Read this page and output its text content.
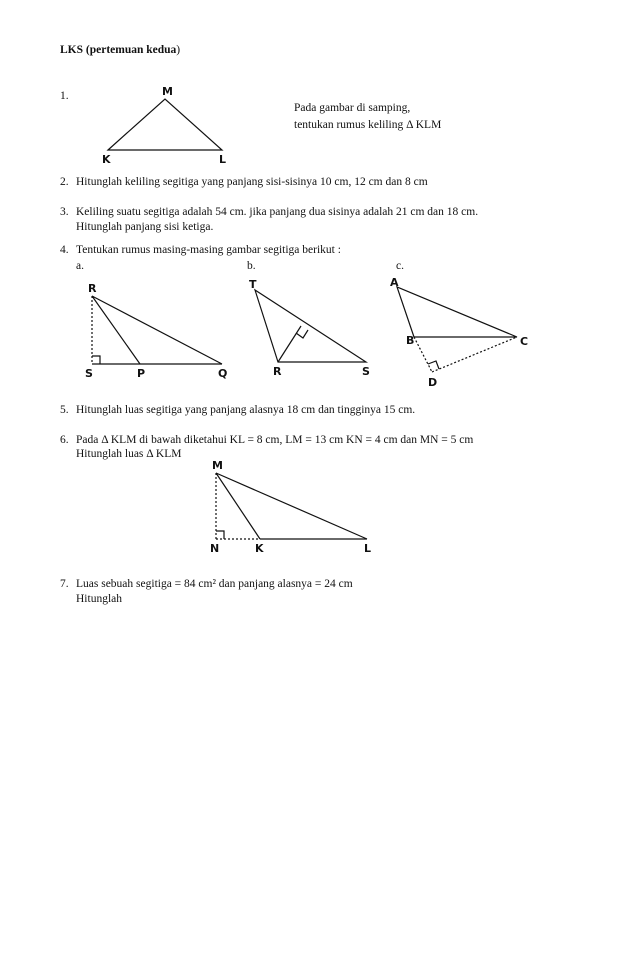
LKS (pertemuan kedua)
1.
Pada gambar di samping,
tentukan rumus keliling Δ KLM
2. Hitunglah keliling segitiga yang panjang sisi-sisinya 10 cm, 12 cm dan 8 cm
3. Keliling suatu segitiga adalah 54 cm. jika panjang dua sisinya adalah 21 cm dan 18 cm.
Hitunglah panjang sisi ketiga.
4. Tentukan rumus masing-masing gambar segitiga berikut :
a.	b.	c.
5. Hitunglah luas segitiga yang panjang alasnya 18 cm dan tingginya 15 cm.
6. Pada Δ KLM di bawah diketahui KL = 8 cm, LM = 13 cm KN = 4 cm dan MN = 5 cm
Hitunglah luas Δ KLM
7. Luas sebuah segitiga = 84 cm² dan panjang alasnya = 24 cm
Hitunglah
M
K	L
R
S	P	Q
T
R	S
A
B	C
D
M
N	K	L
